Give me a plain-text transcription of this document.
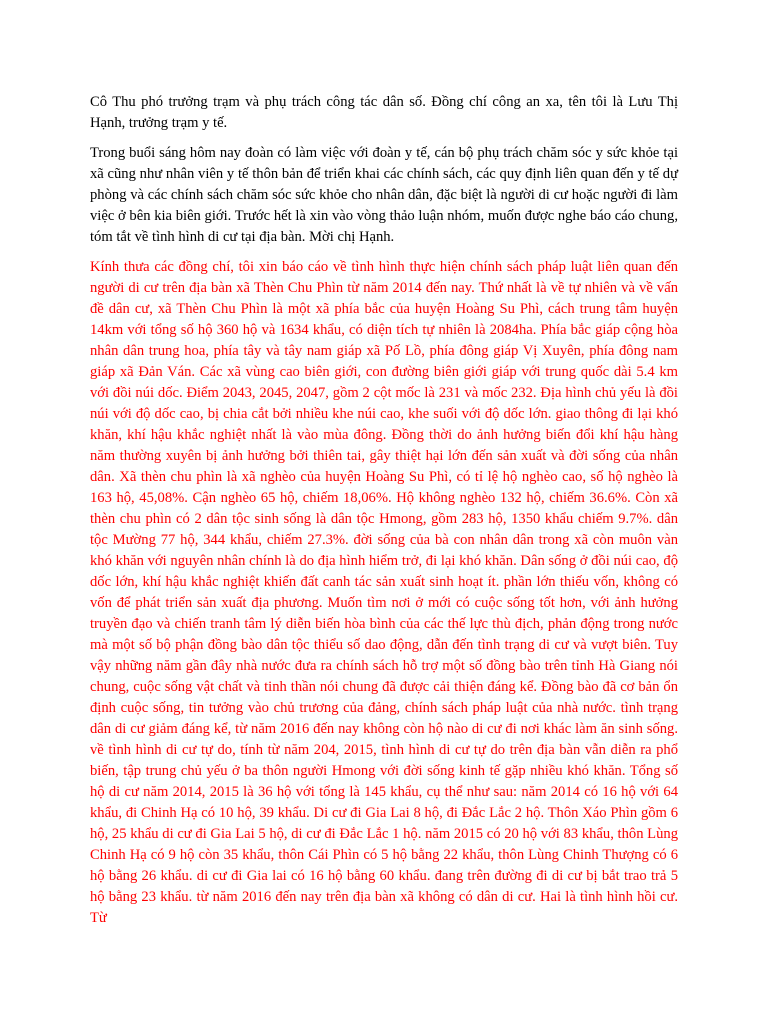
Cô Thu phó trưởng trạm và phụ trách công tác dân số. Đồng chí công an xa, tên tôi là Lưu Thị Hạnh, trưởng trạm y tế.

Trong buổi sáng hôm nay đoàn có làm việc với đoàn y tế, cán bộ phụ trách chăm sóc y sức khỏe tại xã cũng như nhân viên y tế thôn bản để triển khai các chính sách, các quy định liên quan đến y tế dự phòng và các chính sách chăm sóc sức khỏe cho nhân dân, đặc biệt là người di cư hoặc người đi làm việc ở bên kia biên giới. Trước hết là xin vào vòng thảo luận nhóm, muốn được nghe báo cáo chung, tóm tắt về tình hình di cư tại địa bàn. Mời chị Hạnh.

Kính thưa các đồng chí, tôi xin báo cáo về tình hình thực hiện chính sách pháp luật liên quan đến người di cư trên địa bàn xã Thèn Chu Phìn từ năm 2014 đến nay. Thứ nhất là về tự nhiên và về vấn đề dân cư, xã Thèn Chu Phìn là một xã phía bắc của huyện Hoàng Su Phì, cách trung tâm huyện 14km với tổng số hộ 360 hộ và 1634 khẩu, có diện tích tự nhiên là 2084ha. Phía bắc giáp cộng hòa nhân dân trung hoa, phía tây và tây nam giáp xã Pố Lồ, phía đông giáp Vị Xuyên, phía đông nam giáp xã Đản Ván. Các xã vùng cao biên giới, con đường biên giới giáp với trung quốc dài 5.4 km với đồi núi dốc. Điểm 2043, 2045, 2047, gồm 2 cột mốc là 231 và mốc 232. Địa hình chủ yếu là đồi núi với độ dốc cao, bị chia cắt bởi nhiều khe núi cao, khe suối với độ dốc lớn. giao thông đi lại khó khăn, khí hậu khắc nghiệt nhất là vào mùa đông. Đồng thời do ảnh hưởng biến đổi khí hậu hàng năm thường xuyên bị ảnh hưởng bởi thiên tai, gây thiệt hại lớn đến sản xuất và đời sống của nhân dân. Xã thèn chu phìn là xã nghèo của huyện Hoàng Su Phì, có tỉ lệ hộ nghèo cao, số hộ nghèo là 163 hộ, 45,08%. Cận nghèo 65 hộ, chiếm 18,06%. Hộ không nghèo 132 hộ, chiếm 36.6%. Còn xã thèn chu phìn có 2 dân tộc sinh sống là dân tộc Hmong, gồm 283 hộ, 1350 khẩu chiếm 9.7%. dân tộc Mường 77 hộ, 344 khẩu, chiếm 27.3%. đời sống của bà con nhân dân trong xã còn muôn vàn khó khăn với nguyên nhân chính là do địa hình hiểm trở, đi lại khó khăn. Dân sống ở đồi núi cao, độ dốc lớn, khí hậu khắc nghiệt khiến đất canh tác sản xuất sinh hoạt ít. phần lớn thiếu vốn, không có vốn để phát triển sản xuất địa phương. Muốn tìm nơi ở mới có cuộc sống tốt hơn, với ảnh hưởng truyền đạo và chiến tranh tâm lý diễn biến hòa bình của các thế lực thù địch, phản động trong nước mà một số bộ phận đồng bào dân tộc thiểu số dao động, dẫn đến tình trạng di cư và vượt biên. Tuy vậy những năm gần đây nhà nước đưa ra chính sách hỗ trợ một số đồng bào trên tỉnh Hà Giang nói chung, cuộc sống vật chất và tinh thần nói chung đã được cải thiện đáng kể. Đồng bào đã cơ bản ổn định cuộc sống, tin tưởng vào chủ trương của đảng, chính sách pháp luật của nhà nước. tình trạng dân di cư giảm đáng kể, từ năm 2016 đến nay không còn hộ nào di cư đi nơi khác làm ăn sinh sống. về tình hình di cư tự do, tính từ năm 204, 2015, tình hình di cư tự do trên địa bàn vẫn diễn ra phổ biến, tập trung chủ yếu ở ba thôn người Hmong với đời sống kinh tế gặp nhiều khó khăn. Tổng số hộ di cư năm 2014, 2015 là 36 hộ với tổng là 145 khẩu, cụ thể như sau: năm 2014 có 16 hộ với 64 khẩu, đi Chinh Hạ có 10 hộ, 39 khẩu. Di cư đi Gia Lai 8 hộ, đi Đắc Lắc 2 hộ. Thôn Xáo Phìn gồm 6 hộ, 25 khẩu di cư đi Gia Lai 5 hộ, di cư đi Đắc Lắc 1 hộ. năm 2015 có 20 hộ với 83 khẩu, thôn Lùng Chinh Hạ có 9 hộ còn 35 khẩu, thôn Cái Phìn có 5 hộ bằng 22 khẩu, thôn Lùng Chinh Thượng có 6 hộ bằng 26 khẩu. di cư đi Gia lai có 16 hộ bằng 60 khẩu. đang trên đường đi di cư bị bắt trao trả 5 hộ bằng 23 khẩu. từ năm 2016 đến nay trên địa bàn xã không có dân di cư. Hai là tình hình hồi cư. Từ
